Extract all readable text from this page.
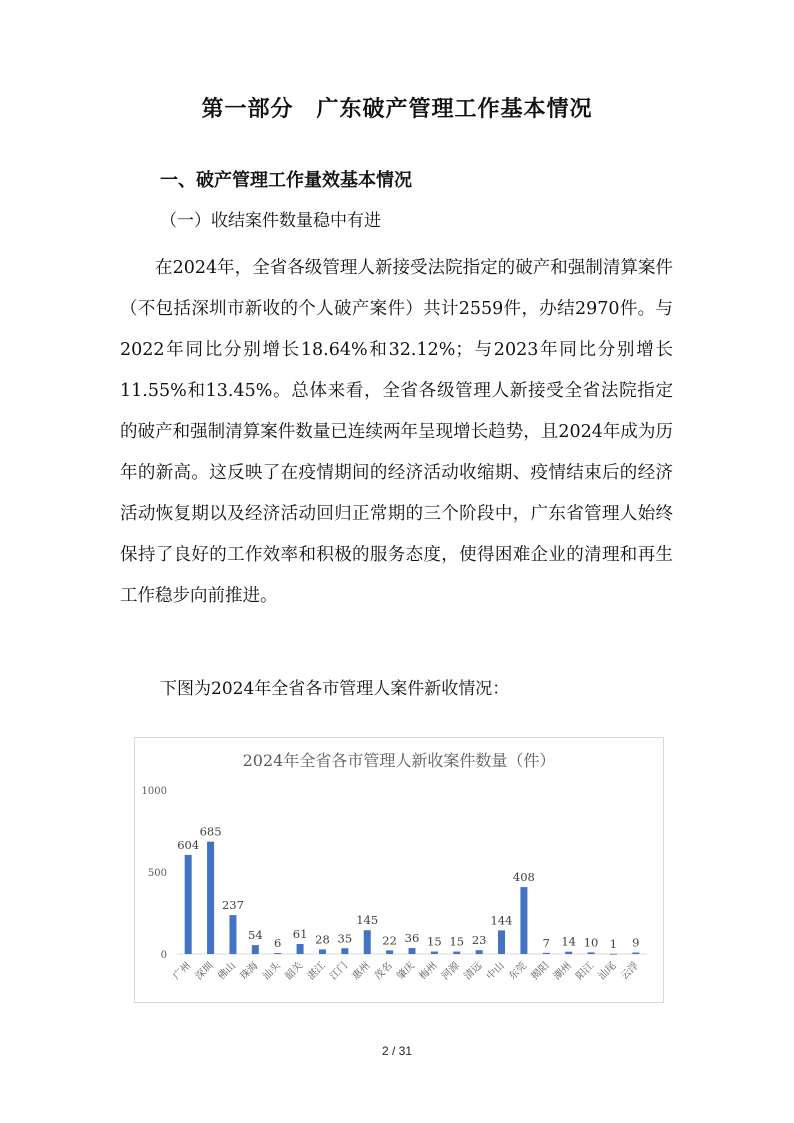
第一部分　广东破产管理工作基本情况
一、破产管理工作量效基本情况
（一）收结案件数量稳中有进

在2024年，全省各级管理人新接受法院指定的破产和强制清算案件（不包括深圳市新收的个人破产案件）共计2559件，办结2970件。与2022年同比分别增长18.64%和32.12%；与2023年同比分别增长11.55%和13.45%。总体来看，全省各级管理人新接受全省法院指定的破产和强制清算案件数量已连续两年呈现增长趋势，且2024年成为历年的新高。这反映了在疫情期间的经济活动收缩期、疫情结束后的经济活动恢复期以及经济活动回归正常期的三个阶段中，广东省管理人始终保持了良好的工作效率和积极的服务态度，使得困难企业的清理和再生工作稳步向前推进。

下图为2024年全省各市管理人案件新收情况：
2024年全省各市管理人新收案件数量（件）
0
500
1000
604
广州
685
深圳
237
佛山
54
珠海
6
汕头
61
韶关
28
湛江
35
江门
145
惠州
22
茂名
36
肇庆
15
梅州
15
河源
23
清远
144
中山
408
东莞
7
揭阳
14
潮州
10
阳江
1
汕尾
9
云浮
2 / 31
